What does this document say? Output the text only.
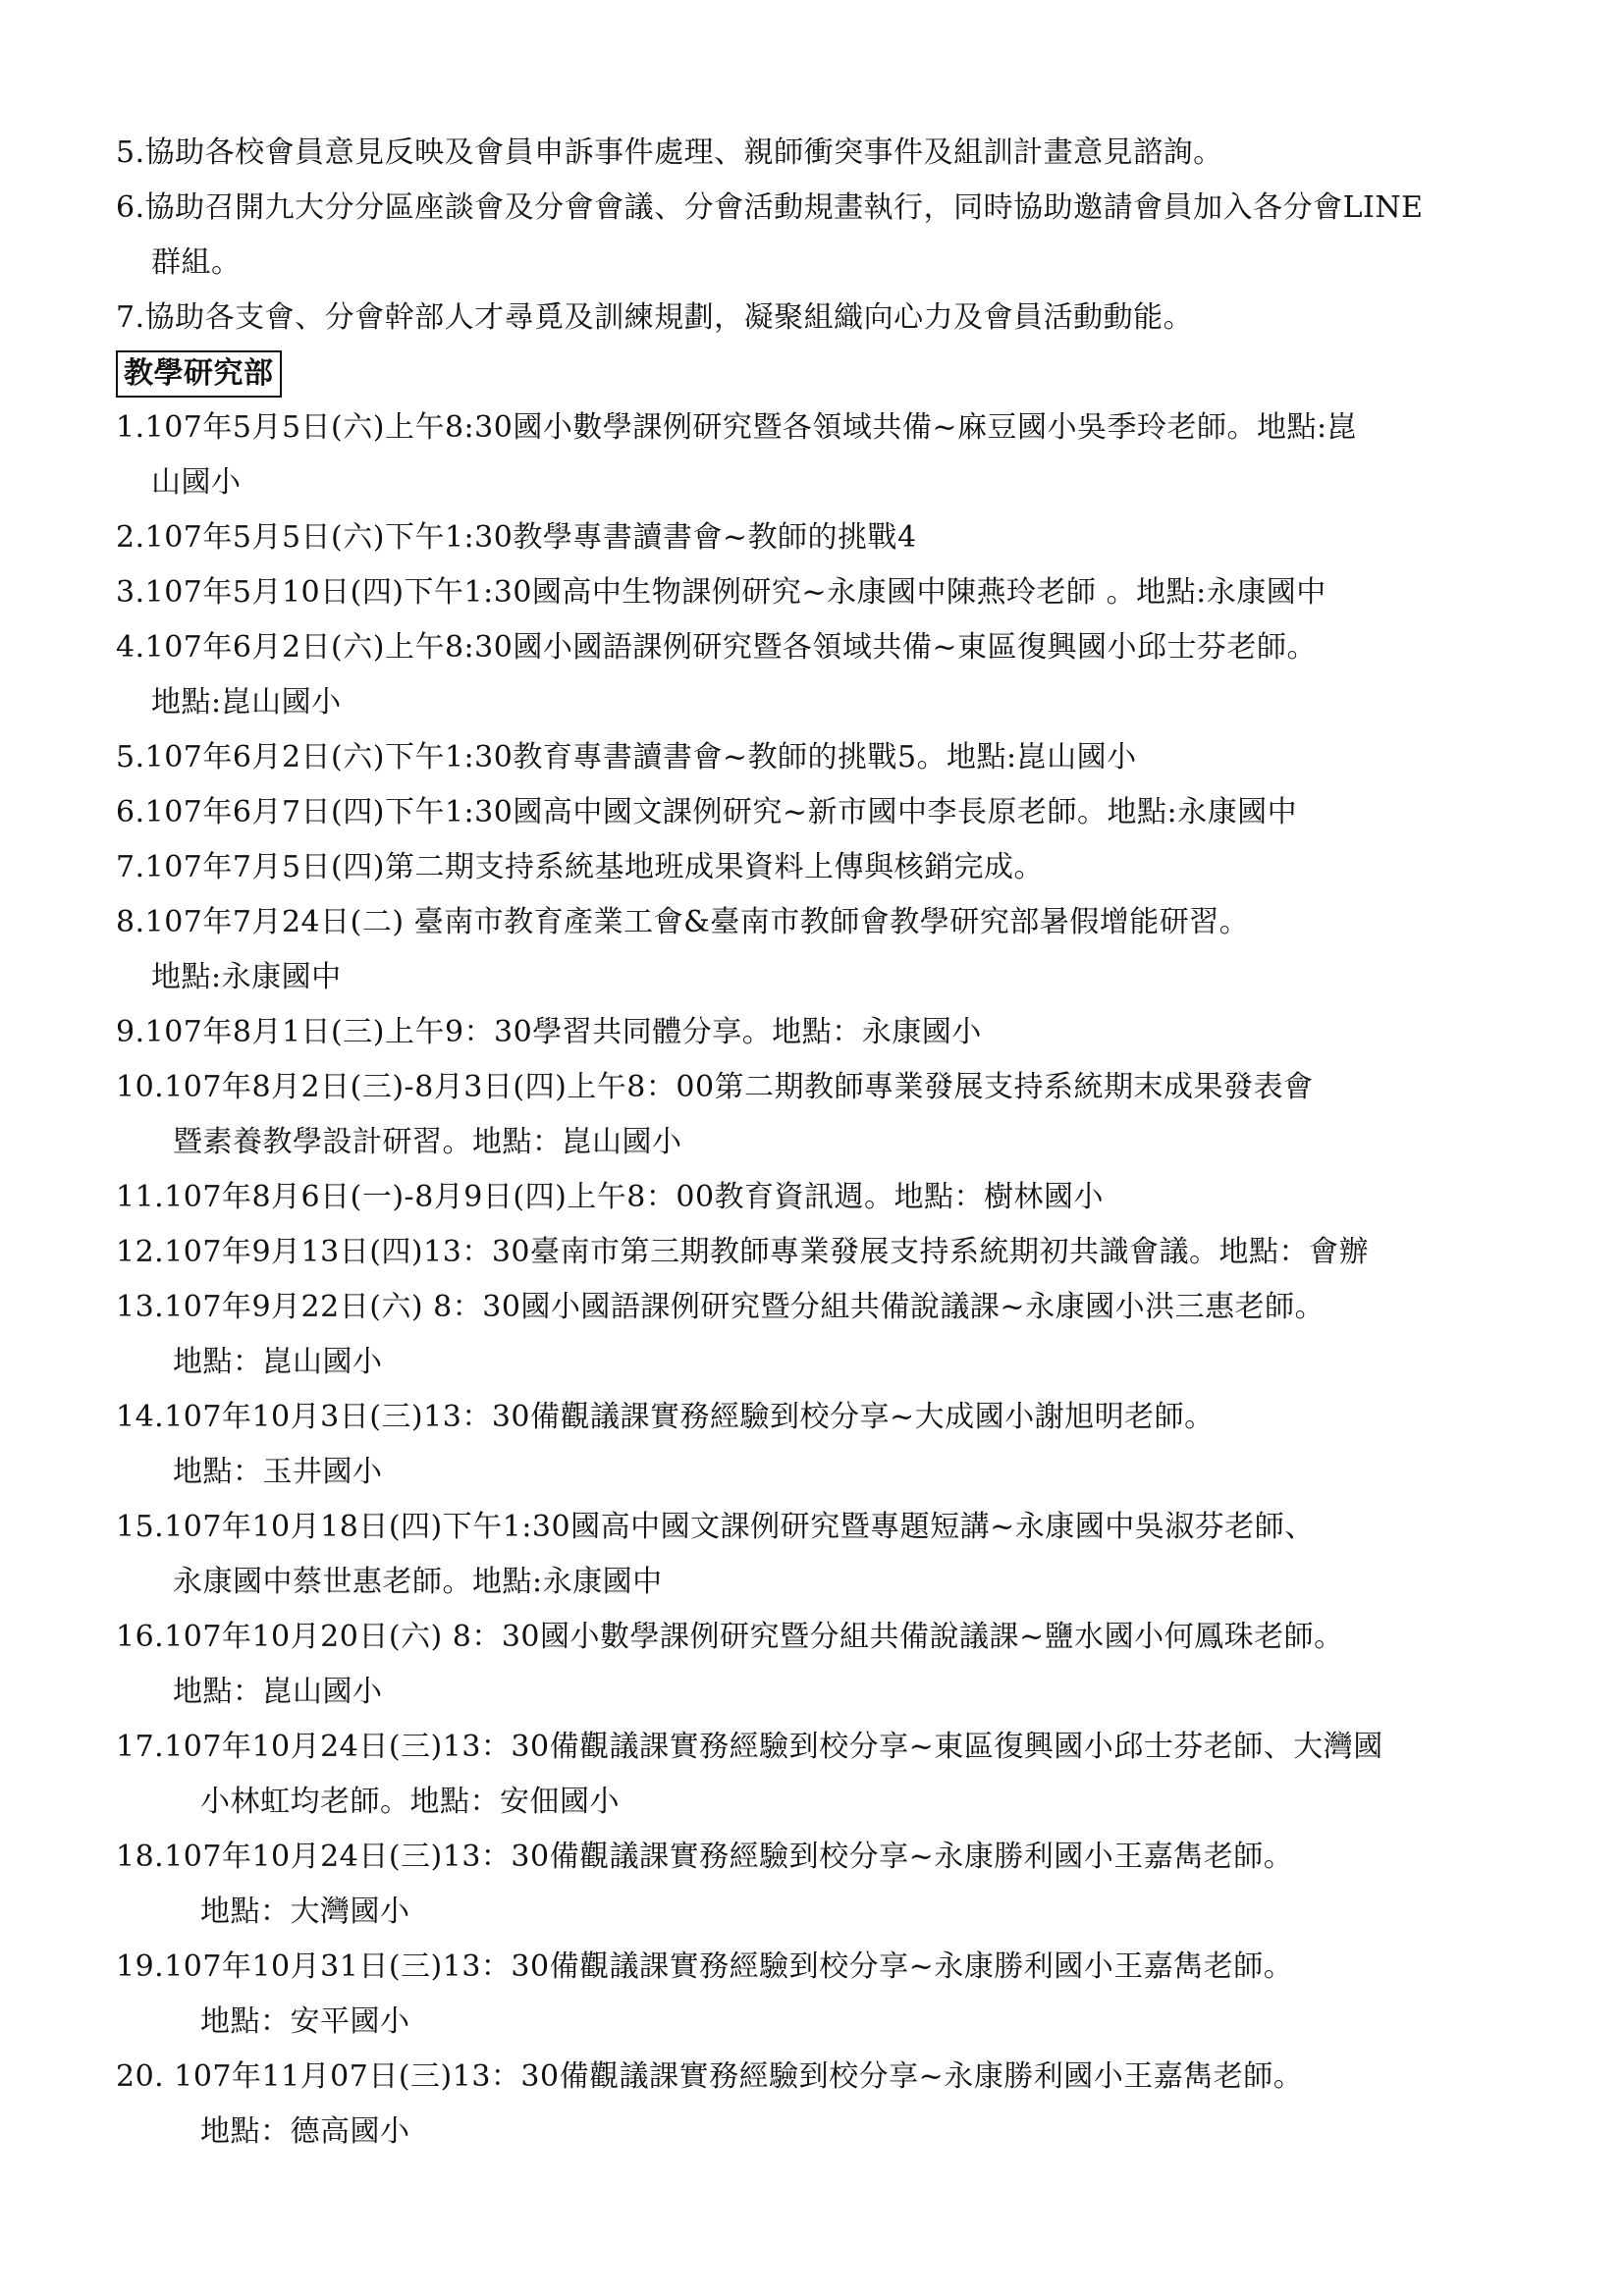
5.協助各校會員意見反映及會員申訴事件處理、親師衝突事件及組訓計畫意見諮詢。
6.協助召開九大分分區座談會及分會會議、分會活動規畫執行，同時協助邀請會員加入各分會LINE
群組。
7.協助各支會、分會幹部人才尋覓及訓練規劃，凝聚組織向心力及會員活動動能。
教學研究部
1.107年5月5日(六)上午8:30國小數學課例研究暨各領域共備~麻豆國小吳季玲老師。地點:崑
山國小
2.107年5月5日(六)下午1:30教學專書讀書會~教師的挑戰4
3.107年5月10日(四)下午1:30國高中生物課例研究~永康國中陳燕玲老師 。地點:永康國中
4.107年6月2日(六)上午8:30國小國語課例研究暨各領域共備~東區復興國小邱士芬老師。
地點:崑山國小
5.107年6月2日(六)下午1:30教育專書讀書會~教師的挑戰5。地點:崑山國小
6.107年6月7日(四)下午1:30國高中國文課例研究~新市國中李長原老師。地點:永康國中
7.107年7月5日(四)第二期支持系統基地班成果資料上傳與核銷完成。
8.107年7月24日(二) 臺南市教育產業工會&臺南市教師會教學研究部暑假增能研習。
地點:永康國中
9.107年8月1日(三)上午9：30學習共同體分享。地點：永康國小
10.107年8月2日(三)-8月3日(四)上午8：00第二期教師專業發展支持系統期末成果發表會
暨素養教學設計研習。地點：崑山國小
11.107年8月6日(一)-8月9日(四)上午8：00教育資訊週。地點：樹林國小
12.107年9月13日(四)13：30臺南市第三期教師專業發展支持系統期初共識會議。地點：會辦
13.107年9月22日(六) 8：30國小國語課例研究暨分組共備說議課~永康國小洪三惠老師。
地點：崑山國小
14.107年10月3日(三)13：30備觀議課實務經驗到校分享~大成國小謝旭明老師。
地點：玉井國小
15.107年10月18日(四)下午1:30國高中國文課例研究暨專題短講~永康國中吳淑芬老師、
永康國中蔡世惠老師。地點:永康國中
16.107年10月20日(六) 8：30國小數學課例研究暨分組共備說議課~鹽水國小何鳳珠老師。
地點：崑山國小
17.107年10月24日(三)13：30備觀議課實務經驗到校分享~東區復興國小邱士芬老師、大灣國
小林虹均老師。地點：安佃國小
18.107年10月24日(三)13：30備觀議課實務經驗到校分享~永康勝利國小王嘉雋老師。
地點：大灣國小
19.107年10月31日(三)13：30備觀議課實務經驗到校分享~永康勝利國小王嘉雋老師。
地點：安平國小
20. 107年11月07日(三)13：30備觀議課實務經驗到校分享~永康勝利國小王嘉雋老師。
地點：德高國小
